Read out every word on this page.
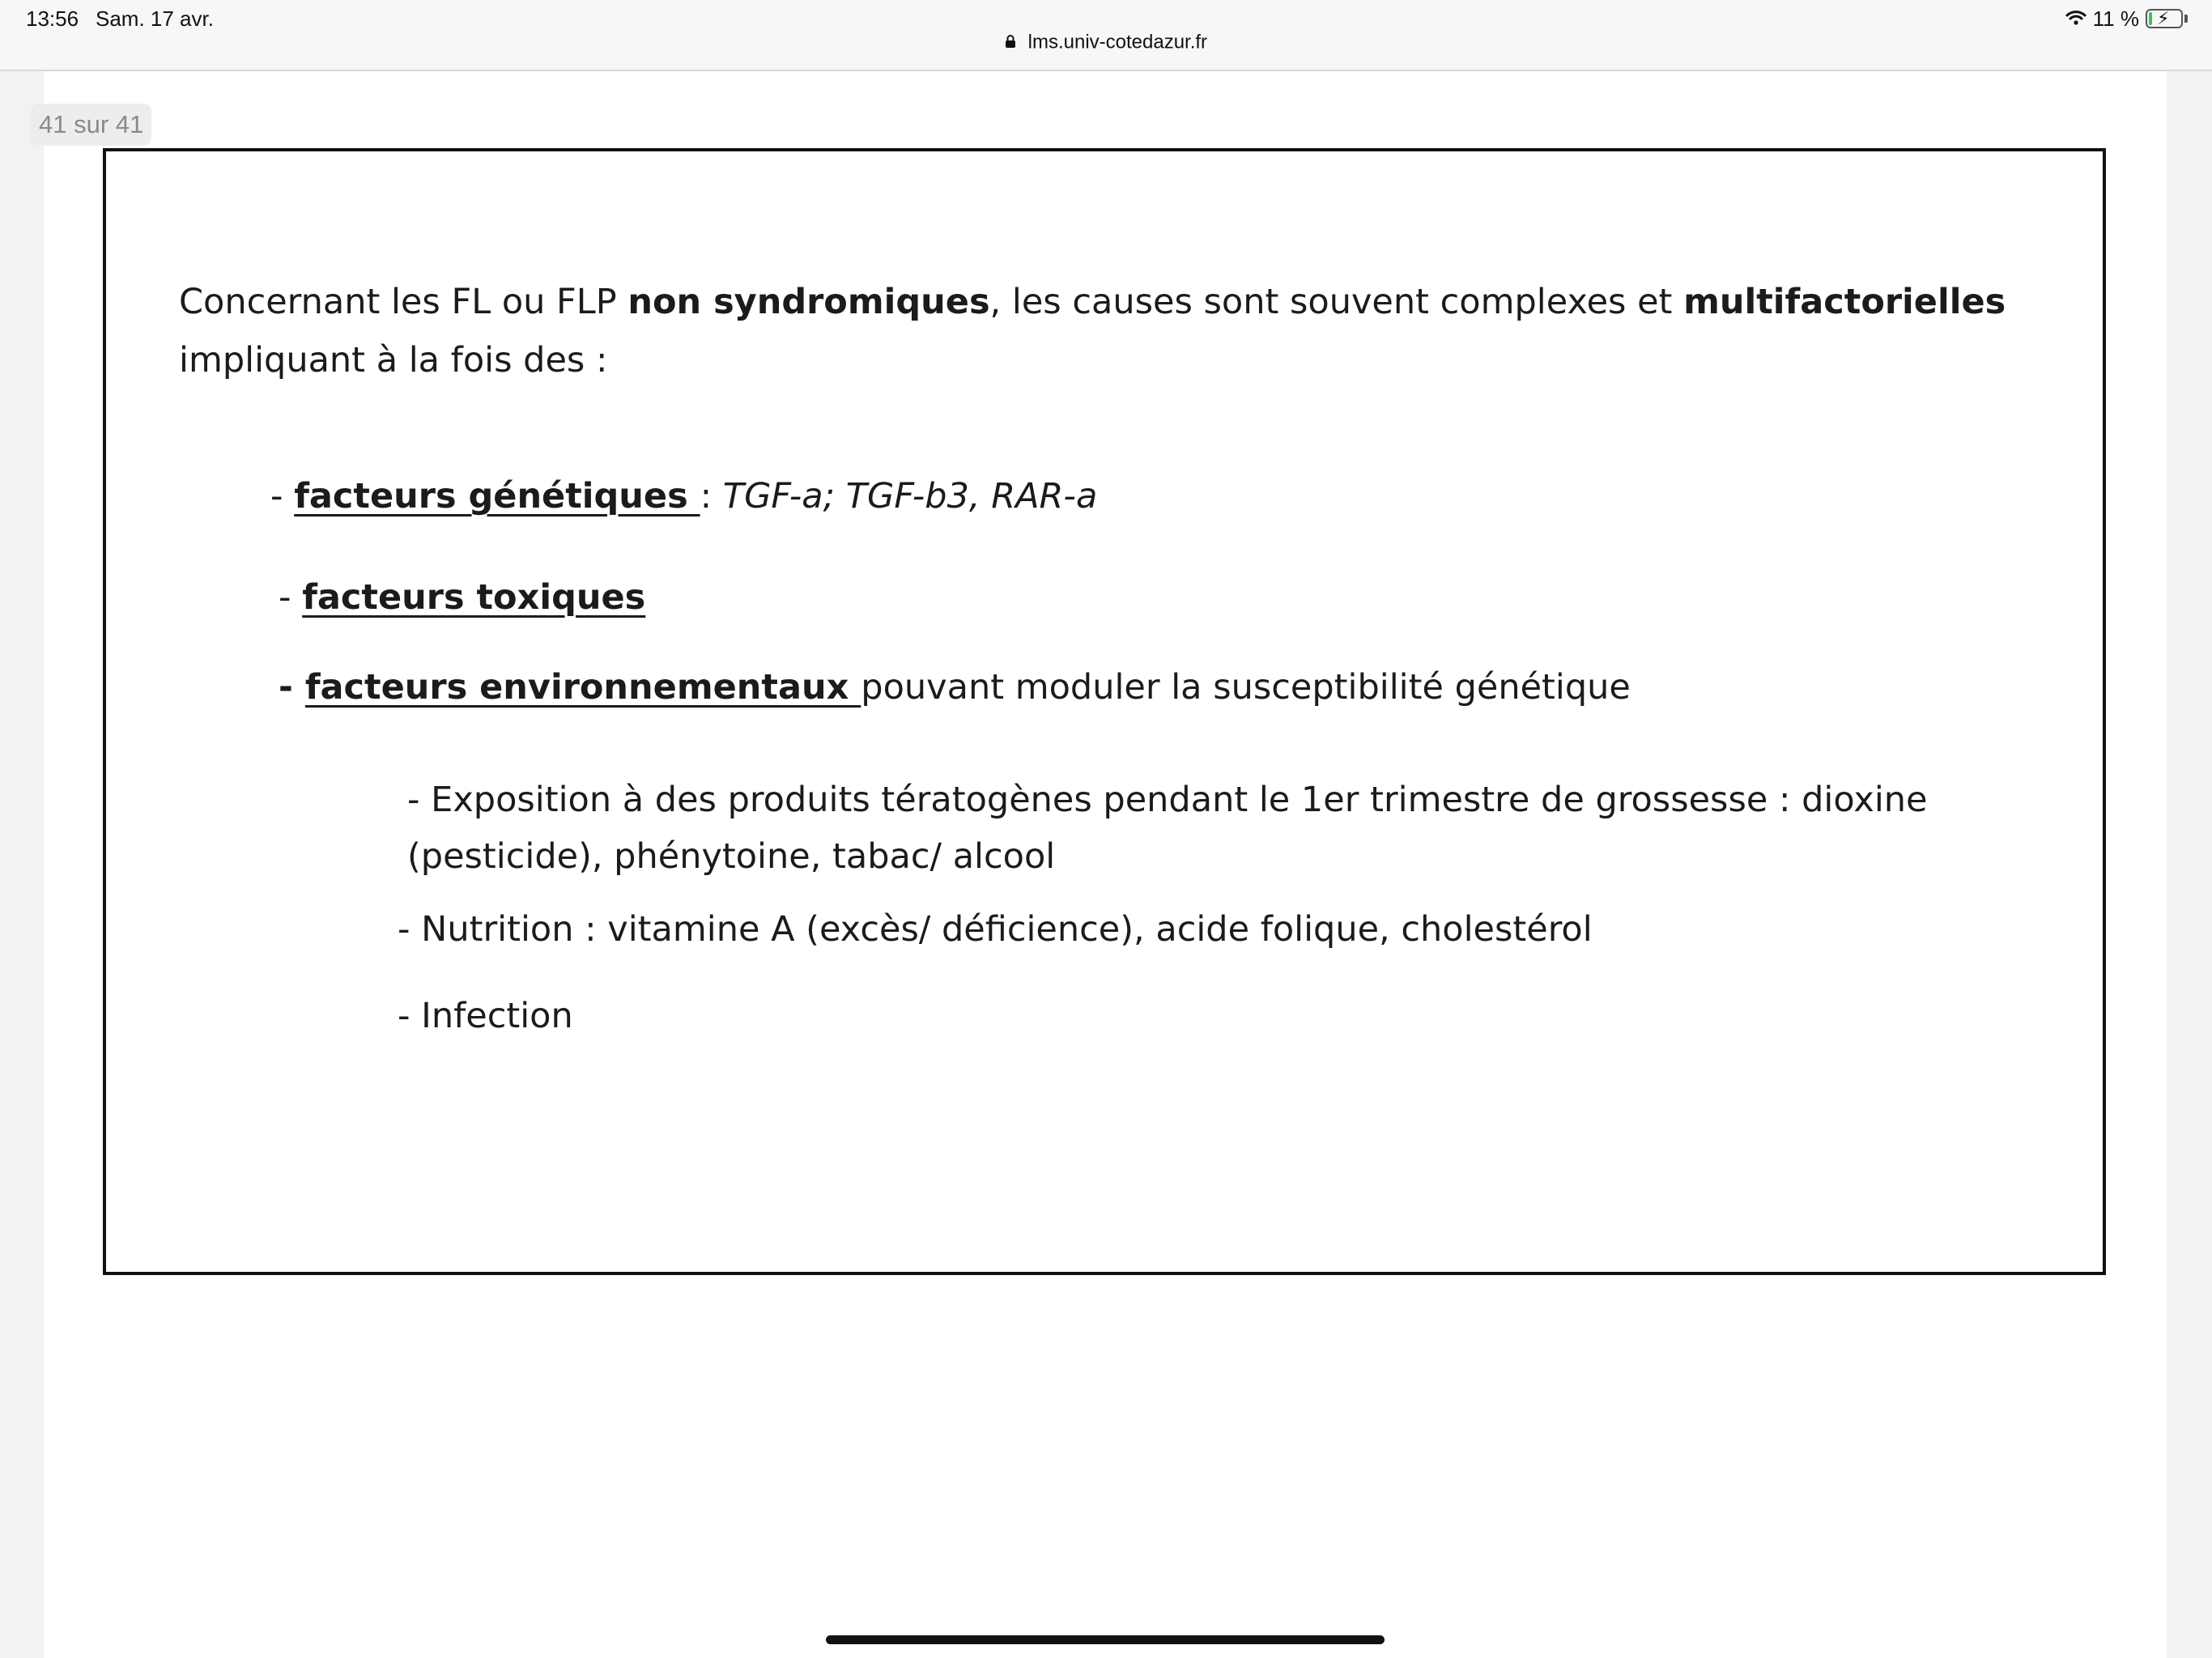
13:56 Sam. 17 avr.
lms.univ-cotedazur.fr
11 % ⚡
41 sur 41
Concernant les FL ou FLP non syndromiques, les causes sont souvent complexes et multifactorielles impliquant à la fois des :
- facteurs génétiques : TGF-a; TGF-b3, RAR-a
- facteurs toxiques
- facteurs environnementaux pouvant moduler la susceptibilité génétique
- Exposition à des produits tératogènes pendant le 1er trimestre de grossesse : dioxine (pesticide), phénytoine, tabac/ alcool
- Nutrition : vitamine A (excès/ déficience), acide folique, cholestérol
- Infection
